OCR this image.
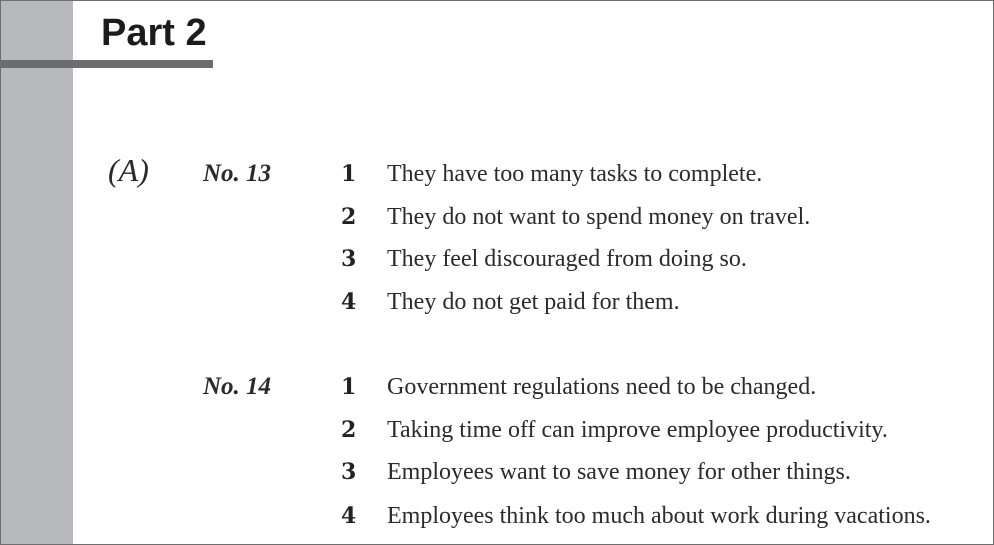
Part 2
(A) No. 13	1	They have too many tasks to complete.
2	They do not want to spend money on travel.
3	They feel discouraged from doing so.
4	They do not get paid for them.
No. 14	1	Government regulations need to be changed.
2	Taking time off can improve employee productivity.
3	Employees want to save money for other things.
4	Employees think too much about work during vacations.
